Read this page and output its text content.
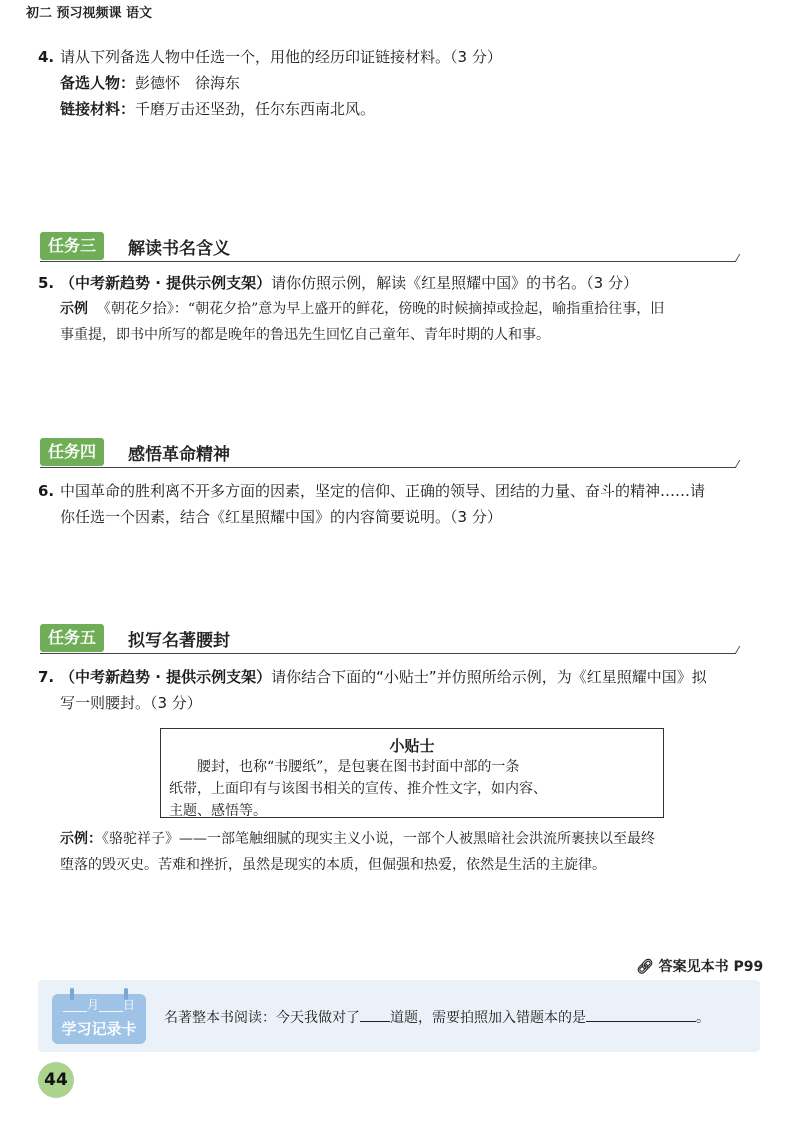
初二 预习视频课 语文
4. 请从下列备选人物中任选一个，用他的经历印证链接材料。（3 分）
备选人物：彭德怀　徐海东
链接材料：千磨万击还坚劲，任尔东西南北风。
任务三	解读书名含义
5. （中考新趋势 · 提供示例支架）请你仿照示例，解读《红星照耀中国》的书名。（3 分）
示例 《朝花夕拾》：“朝花夕拾”意为早上盛开的鲜花，傍晚的时候摘掉或捡起，喻指重拾往事，旧
事重提，即书中所写的都是晚年的鲁迅先生回忆自己童年、青年时期的人和事。
任务四	感悟革命精神
6. 中国革命的胜利离不开多方面的因素，坚定的信仰、正确的领导、团结的力量、奋斗的精神……请
你任选一个因素，结合《红星照耀中国》的内容简要说明。（3 分）
任务五	拟写名著腰封
7. （中考新趋势 · 提供示例支架）请你结合下面的“小贴士”并仿照所给示例，为《红星照耀中国》拟
写一则腰封。（3 分）
小贴士
　　腰封，也称“书腰纸”，是包裹在图书封面中部的一条
纸带，上面印有与该图书相关的宣传、推介性文字，如内容、
主题、感悟等。
示例：《骆驼祥子》——一部笔触细腻的现实主义小说，一部个人被黑暗社会洪流所裹挟以至最终
堕落的毁灭史。苦难和挫折，虽然是现实的本质，但倔强和热爱，依然是生活的主旋律。
🔗︎ 答案见本书 P99
____月____日
学习记录卡
名著整本书阅读：今天我做对了 道题，需要拍照加入错题本的是	。
44
